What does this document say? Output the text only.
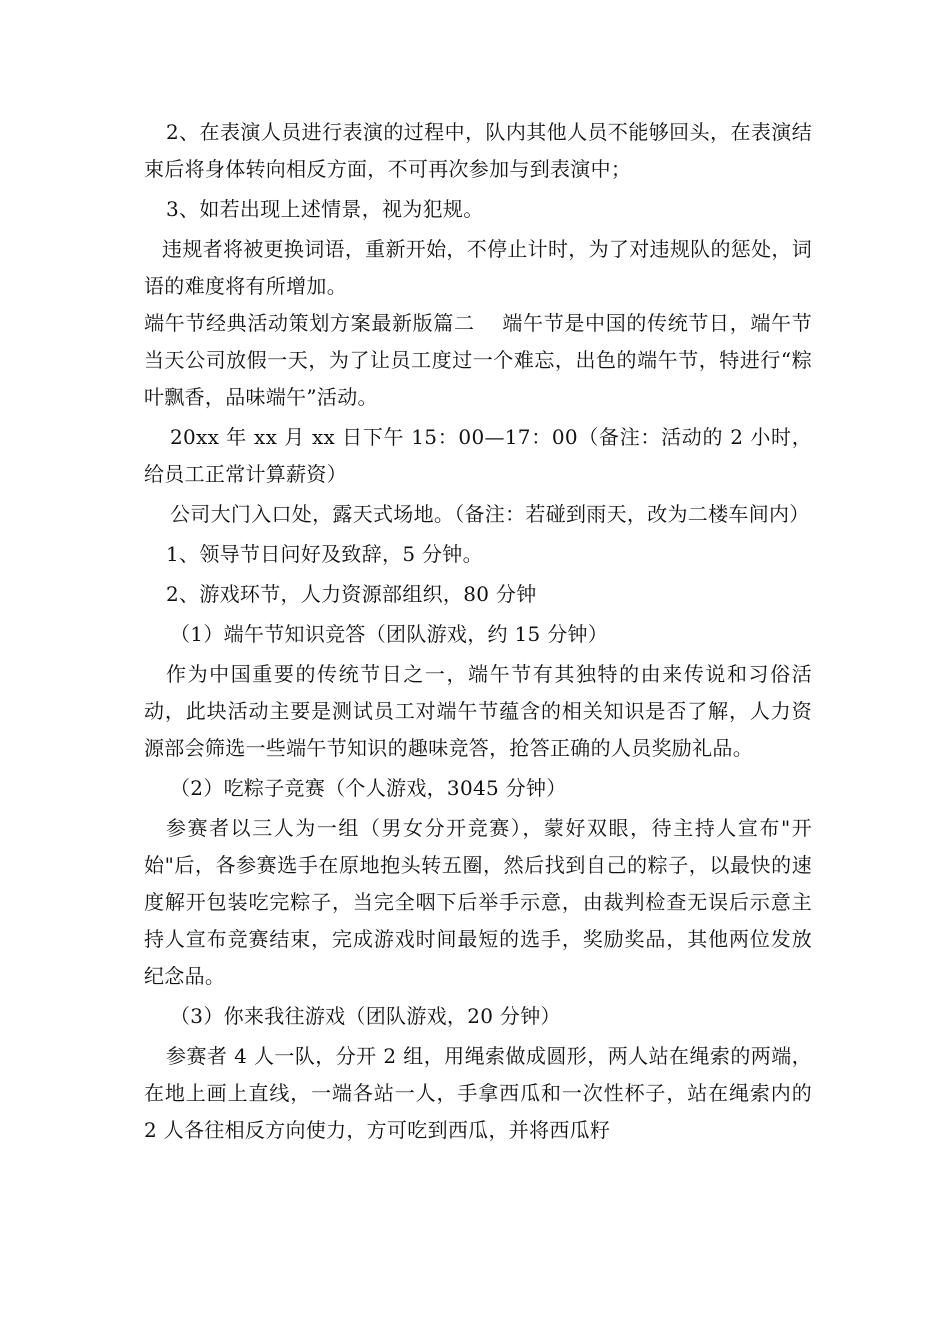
2、在表演人员进行表演的过程中，队内其他人员不能够回头，在表演结束后将身体转向相反方面，不可再次参加与到表演中；

3、如若出现上述情景，视为犯规。

违规者将被更换词语，重新开始，不停止计时，为了对违规队的惩处，词语的难度将有所增加。

端午节经典活动策划方案最新版篇二　 端午节是中国的传统节日，端午节当天公司放假一天，为了让员工度过一个难忘，出色的端午节，特进行“粽叶飘香，品味端午”活动。

20xx 年 xx 月 xx 日下午 15：00—17：00（备注：活动的 2 小时，给员工正常计算薪资）

公司大门入口处，露天式场地。（备注：若碰到雨天，改为二楼车间内）

1、领导节日问好及致辞，5 分钟。

2、游戏环节，人力资源部组织，80 分钟

（1）端午节知识竞答（团队游戏，约 15 分钟）

作为中国重要的传统节日之一，端午节有其独特的由来传说和习俗活动，此块活动主要是测试员工对端午节蕴含的相关知识是否了解，人力资源部会筛选一些端午节知识的趣味竞答，抢答正确的人员奖励礼品。

（2）吃粽子竞赛（个人游戏，3045 分钟）

参赛者以三人为一组（男女分开竞赛），蒙好双眼，待主持人宣布"开始"后，各参赛选手在原地抱头转五圈，然后找到自己的粽子，以最快的速度解开包装吃完粽子，当完全咽下后举手示意，由裁判检查无误后示意主持人宣布竞赛结束，完成游戏时间最短的选手，奖励奖品，其他两位发放纪念品。

（3）你来我往游戏（团队游戏，20 分钟）

参赛者 4 人一队，分开 2 组，用绳索做成圆形，两人站在绳索的两端，在地上画上直线，一端各站一人，手拿西瓜和一次性杯子，站在绳索内的 2 人各往相反方向使力，方可吃到西瓜，并将西瓜籽
